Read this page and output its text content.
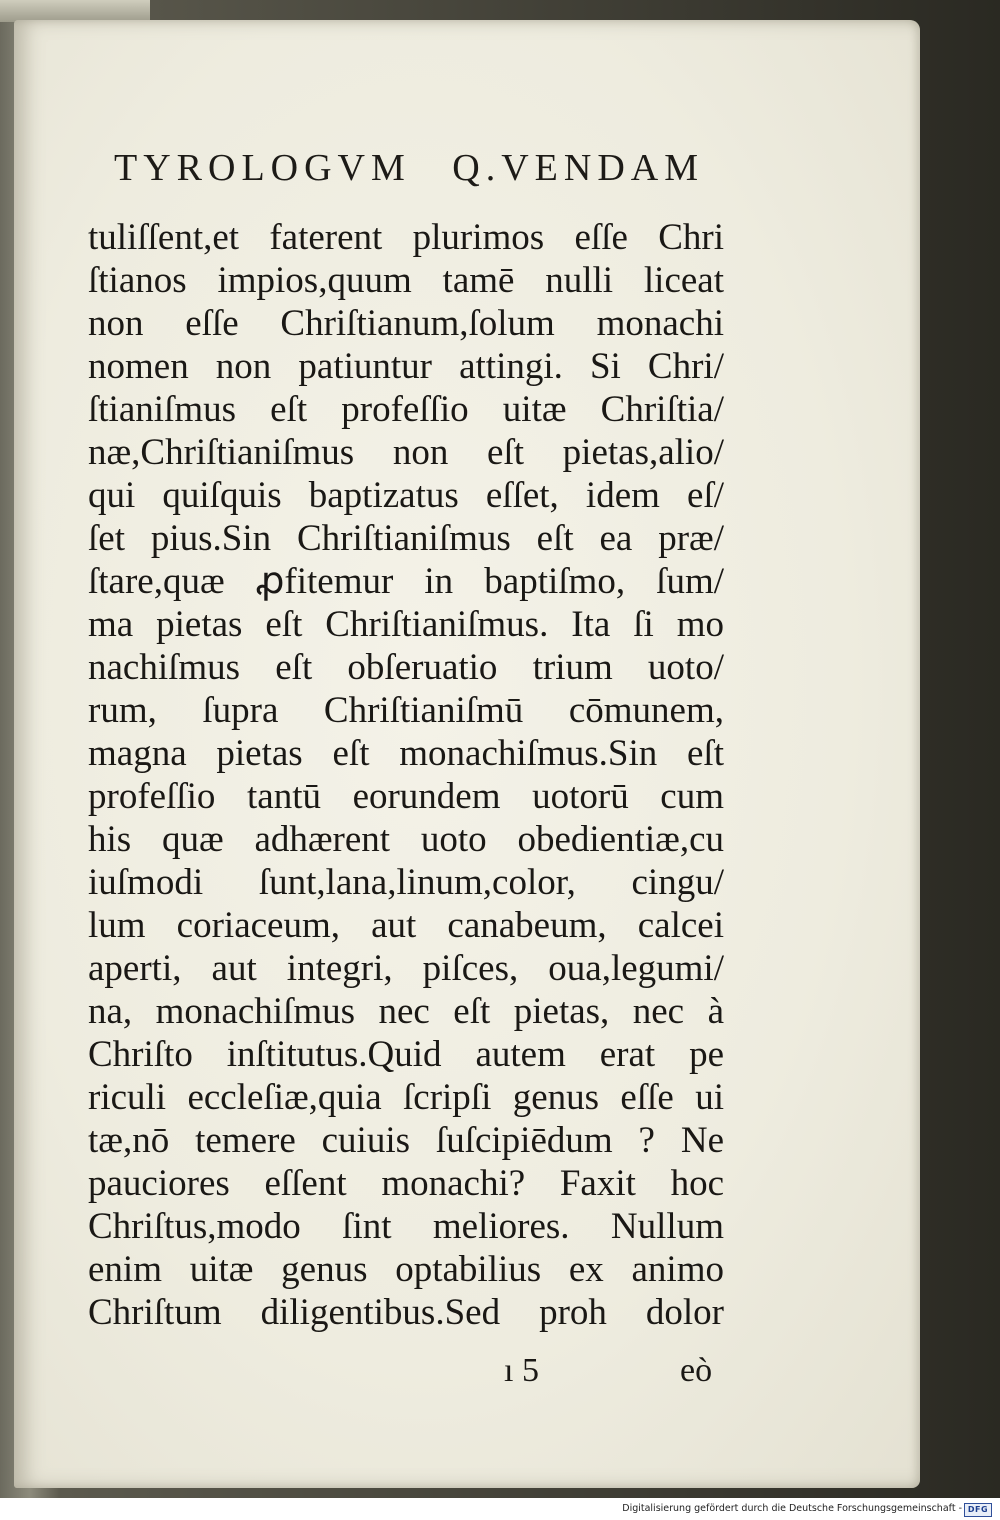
TYROLOGVM Q.VENDAM
tuliſſent,et faterent plurimos eſſe Chri
ſtianos impios,quum tamē nulli liceat
non eſſe Chriſtianum,ſolum monachi
nomen non patiuntur attingi. Si Chri/
ſtianiſmus eſt profeſſio uitæ Chriſtia/
næ,Chriſtianiſmus non eſt pietas,alio/
qui quiſquis baptizatus eſſet, idem eſ/
ſet pius.Sin Chriſtianiſmus eſt ea præ/
ſtare,quæ ꝓfitemur in baptiſmo, ſum/
ma pietas eſt Chriſtianiſmus. Ita ſi mo
nachiſmus eſt obſeruatio trium uoto/
rum, ſupra Chriſtianiſmū cōmunem,
magna pietas eſt monachiſmus.Sin eſt
profeſſio tantū eorundem uotorū cum
his quæ adhærent uoto obedientiæ,cu
iuſmodi ſunt,lana,linum,color, cingu/
lum coriaceum, aut canabeum, calcei
aperti, aut integri, piſces, oua,legumi/
na, monachiſmus nec eſt pietas, nec à
Chriſto inſtitutus.Quid autem erat pe
riculi eccleſiæ,quia ſcripſi genus eſſe ui
tæ,nō temere cuiuis ſuſcipiēdum ? Ne
pauciores eſſent monachi? Faxit hoc
Chriſtus,modo ſint meliores. Nullum
enim uitæ genus optabilius ex animo
Chriſtum diligentibus.Sed proh dolor
ı 5	eò
Digitalisierung gefördert durch die Deutsche Forschungsgemeinschaft - DFG
